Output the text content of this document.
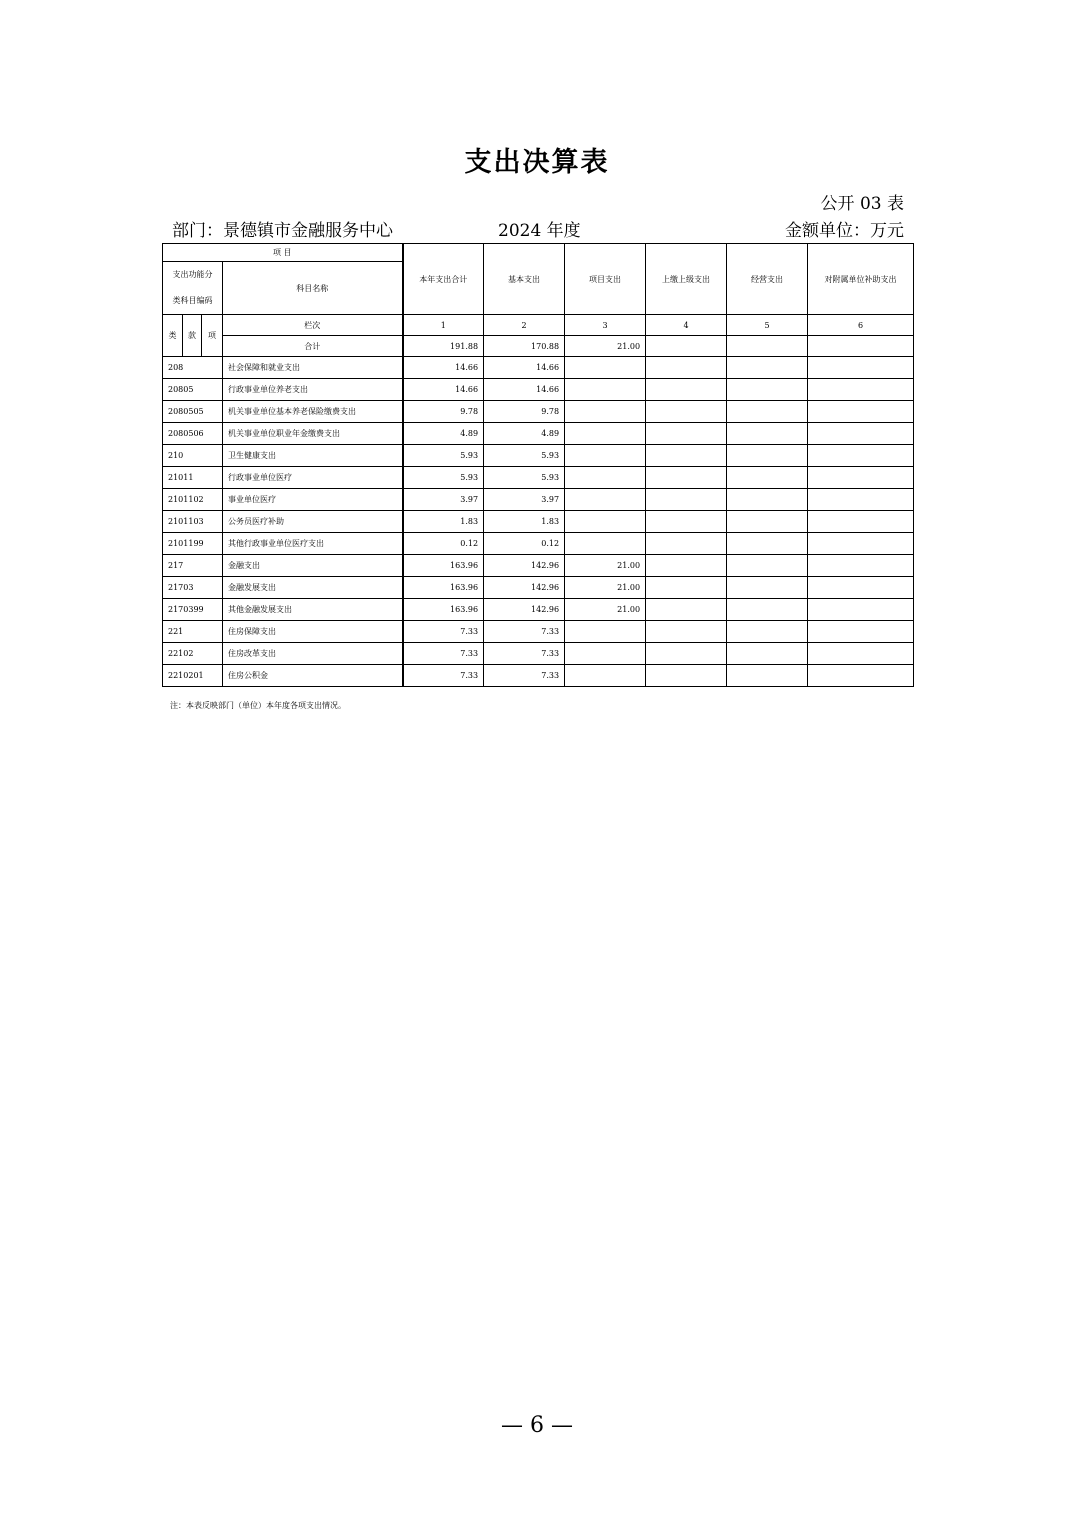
支出决算表
公开 03 表
部门：景德镇市金融服务中心	2024 年度	金额单位：万元
项 目				本年支出合计	基本支出	项目支出	上缴上级支出	经营支出	对附属单位补助支出

支出功能分
类科目编码			科目名称						
类	款	项	栏次	1	2	3	4	5	6
			合计	191.88	170.88	21.00			
208			社会保障和就业支出	14.66	14.66				
20805			行政事业单位养老支出	14.66	14.66				
2080505			机关事业单位基本养老保险缴费支出	9.78	9.78				
2080506			机关事业单位职业年金缴费支出	4.89	4.89				
210			卫生健康支出	5.93	5.93				
21011			行政事业单位医疗	5.93	5.93				
2101102			事业单位医疗	3.97	3.97				
2101103			公务员医疗补助	1.83	1.83				
2101199			其他行政事业单位医疗支出	0.12	0.12				
217			金融支出	163.96	142.96	21.00			
21703			金融发展支出	163.96	142.96	21.00			
2170399			其他金融发展支出	163.96	142.96	21.00			
221			住房保障支出	7.33	7.33				
22102			住房改革支出	7.33	7.33				
2210201			住房公积金	7.33	7.33				
注：本表反映部门（单位）本年度各项支出情况。
— 6 —
